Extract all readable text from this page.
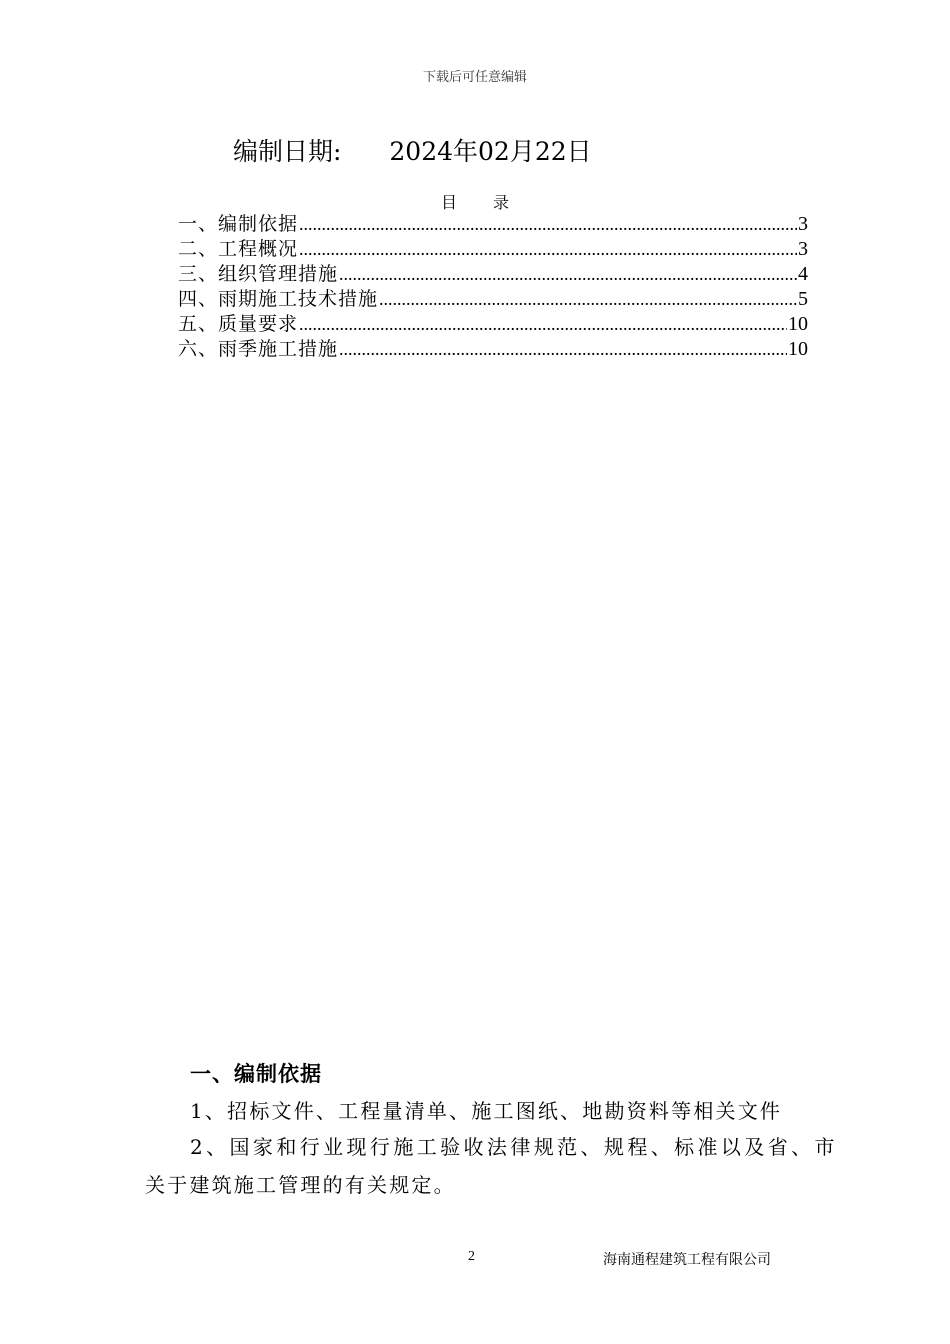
下载后可任意编辑
编制日期: 2024年02月22日
目 录
一、编制依据 .....	3
二、工程概况 .....	3
三、组织管理措施 .....	4
四、雨期施工技术措施 .....	5
五、质量要求 .....	10
六、雨季施工措施 .....	10
一、编制依据
1、招标文件、工程量清单、施工图纸、地勘资料等相关文件
2、国家和行业现行施工验收法律规范、规程、标准以及省、市
关于建筑施工管理的有关规定。
2	海南通程建筑工程有限公司
